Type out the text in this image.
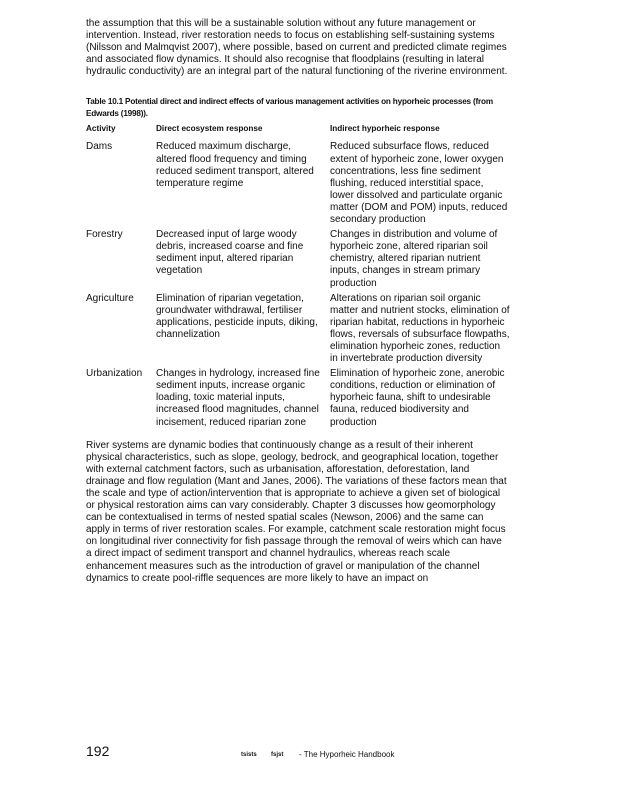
the assumption that this will be a sustainable solution without any future management or intervention. Instead, river restoration needs to focus on establishing self-sustaining systems (Nilsson and Malmqvist 2007), where possible, based on current and predicted climate regimes and associated flow dynamics. It should also recognise that floodplains (resulting in lateral hydraulic conductivity) are an integral part of the natural functioning of the riverine environment.

Table 10.1 Potential direct and indirect effects of various management activities on hyporheic processes (from Edwards (1998)).
Activity	Direct ecosystem response	Indirect hyporheic response
Dams	Reduced maximum discharge, altered flood frequency and timing reduced sediment transport, altered temperature regime	Reduced subsurface flows, reduced extent of hyporheic zone, lower oxygen concentrations, less fine sediment flushing, reduced interstitial space, lower dissolved and particulate organic matter (DOM and POM) inputs, reduced secondary production
Forestry	Decreased input of large woody debris, increased coarse and fine sediment input, altered riparian vegetation	Changes in distribution and volume of hyporheic zone, altered riparian soil chemistry, altered riparian nutrient inputs, changes in stream primary production
Agriculture	Elimination of riparian vegetation, groundwater withdrawal, fertiliser applications, pesticide inputs, diking, channelization	Alterations on riparian soil organic matter and nutrient stocks, elimination of riparian habitat, reductions in hyporheic flows, reversals of subsurface flowpaths, elimination hyporheic zones, reduction in invertebrate production diversity
Urbanization	Changes in hydrology, increased fine sediment inputs, increase organic loading, toxic material inputs, increased flood magnitudes, channel incisement, reduced riparian zone	Elimination of hyporheic zone, anerobic conditions, reduction or elimination of hyporheic fauna, shift to undesirable fauna, reduced biodiversity and production

River systems are dynamic bodies that continuously change as a result of their inherent physical characteristics, such as slope, geology, bedrock, and geographical location, together with external catchment factors, such as urbanisation, afforestation, deforestation, land drainage and flow regulation (Mant and Janes, 2006). The variations of these factors mean that the scale and type of action/intervention that is appropriate to achieve a given set of biological or physical restoration aims can vary considerably. Chapter 3 discusses how geomorphology can be contextualised in terms of nested spatial scales (Newson, 2006) and the same can apply in terms of river restoration scales. For example, catchment scale restoration might focus on longitudinal river connectivity for fish passage through the removal of weirs which can have a direct impact of sediment transport and channel hydraulics, whereas reach scale enhancement measures such as the introduction of gravel or manipulation of the channel dynamics to create pool-riffle sequences are more likely to have an impact on

192	tsists fsjst - The Hyporheic Handbook
